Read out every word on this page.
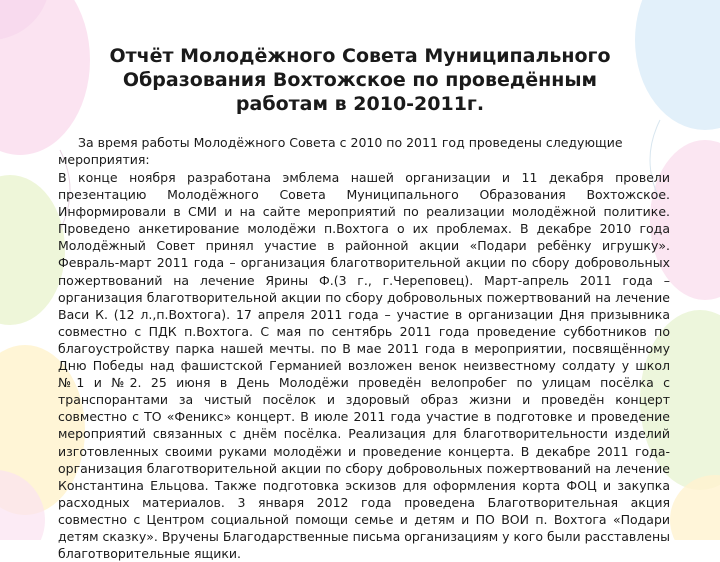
Отчёт Молодёжного Совета Муниципального Образования Вохтожское по проведённым работам в 2010-2011г.

За время работы Молодёжного Совета с 2010 по 2011 год проведены следующие мероприятия:

В конце ноября разработана эмблема нашей организации и 11 декабря провели презентацию Молодёжного Совета Муниципального Образования Вохтожское. Информировали в СМИ и на сайте мероприятий по реализации молодёжной политике. Проведено анкетирование молодёжи п.Вохтога о их проблемах. В декабре 2010 года Молодёжный Совет принял участие в районной акции «Подари ребёнку игрушку». Февраль-март 2011 года – организация благотворительной акции по сбору добровольных пожертвований на лечение Ярины Ф.(3 г., г.Череповец). Март-апрель 2011 года – организация благотворительной акции по сбору добровольных пожертвований на лечение Васи К. (12 л.,п.Вохтога). 17 апреля 2011 года – участие в организации Дня призывника совместно с ПДК п.Вохтога. С мая по сентябрь 2011 года проведение субботников по благоустройству парка нашей мечты. по В мае 2011 года в мероприятии, посвящённому Дню Победы над фашистской Германией возложен венок неизвестному солдату у школ №1 и №2. 25 июня в День Молодёжи проведён велопробег по улицам посёлка с транспорантами за чистый посёлок и здоровый образ жизни и проведён концерт совместно с ТО «Феникс» концерт. В июле 2011 года участие в подготовке и проведение мероприятий связанных с днём посёлка. Реализация для благотворительности изделий изготовленных своими руками молодёжи и проведение концерта. В декабре 2011 года- организация благотворительной акции по сбору добровольных пожертвований на лечение Константина Ельцова. Также подготовка эскизов для оформления корта ФОЦ и закупка расходных материалов. 3 января 2012 года проведена Благотворительная акция совместно с Центром социальной помощи семье и детям и ПО ВОИ п. Вохтога «Подари детям сказку». Вручены Благодарственные письма организациям у кого были расставлены благотворительные ящики.
